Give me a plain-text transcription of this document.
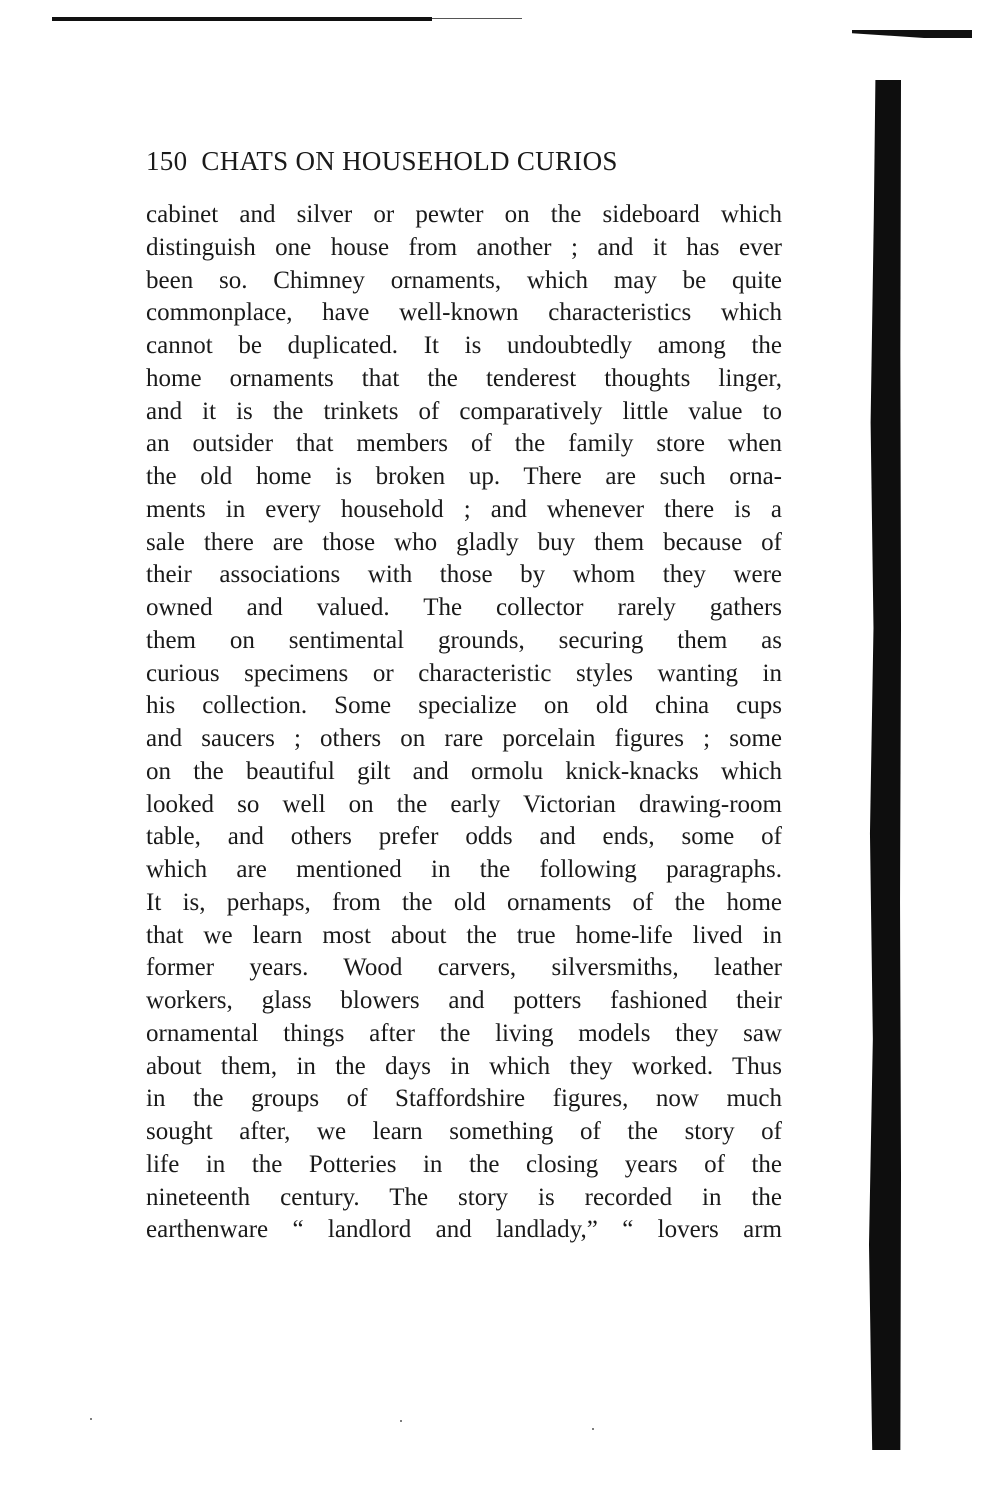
150 CHATS ON HOUSEHOLD CURIOS
cabinet and silver or pewter on the sideboard which
distinguish one house from another ; and it has ever
been so. Chimney ornaments, which may be quite
commonplace, have well-known characteristics which
cannot be duplicated. It is undoubtedly among the
home ornaments that the tenderest thoughts linger,
and it is the trinkets of comparatively little value to
an outsider that members of the family store when
the old home is broken up. There are such orna-
ments in every household ; and whenever there is a
sale there are those who gladly buy them because of
their associations with those by whom they were
owned and valued. The collector rarely gathers
them on sentimental grounds, securing them as
curious specimens or characteristic styles wanting in
his collection. Some specialize on old china cups
and saucers ; others on rare porcelain figures ; some
on the beautiful gilt and ormolu knick-knacks which
looked so well on the early Victorian drawing-room
table, and others prefer odds and ends, some of
which are mentioned in the following paragraphs.
It is, perhaps, from the old ornaments of the home
that we learn most about the true home-life lived in
former years. Wood carvers, silversmiths, leather
workers, glass blowers and potters fashioned their
ornamental things after the living models they saw
about them, in the days in which they worked. Thus
in the groups of Staffordshire figures, now much
sought after, we learn something of the story of
life in the Potteries in the closing years of the
nineteenth century. The story is recorded in the
earthenware “ landlord and landlady,” “ lovers arm
